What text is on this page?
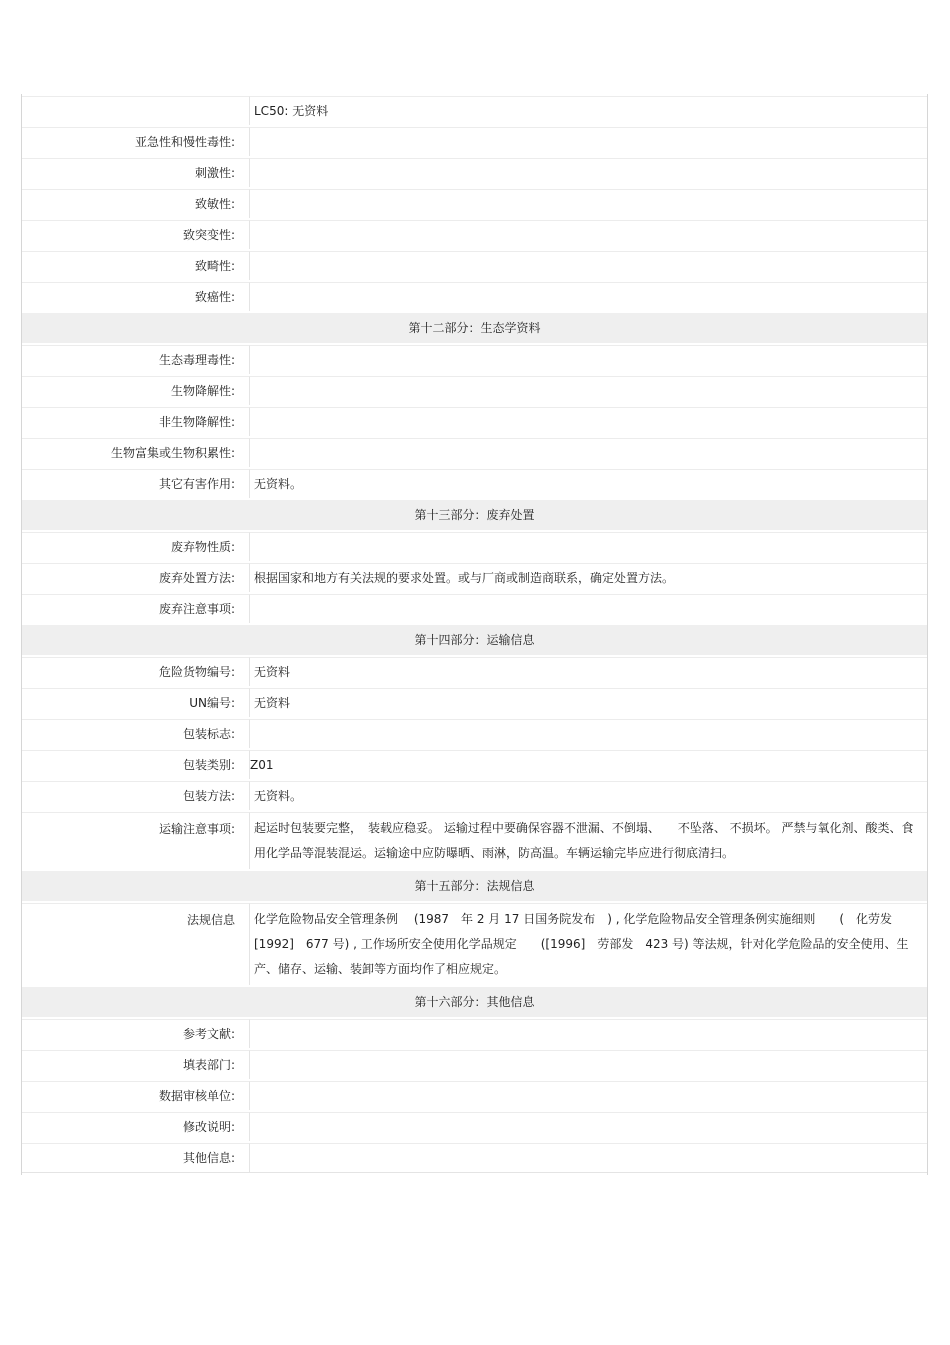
	LC50: 无资料
亚急性和慢性毒性:	
刺激性:	
致敏性:	
致突变性:	
致畸性:	
致癌性:	
第十二部分：生态学资料	
生态毒理毒性:	
生物降解性:	
非生物降解性:	
生物富集或生物积累性:	
其它有害作用:	无资料。
第十三部分：废弃处置	
废弃物性质:	
废弃处置方法:	根据国家和地方有关法规的要求处置。或与厂商或制造商联系，确定处置方法。
废弃注意事项:	
第十四部分：运输信息	
危险货物编号:	无资料
UN编号:	无资料
包装标志:	
包装类别:	Z01
包装方法:	无资料。
运输注意事项:	起运时包装要完整，　装载应稳妥。 运输过程中要确保容器不泄漏、不倒塌、　　不坠落、 不损坏。 严禁与氧化剂、酸类、食用化学品等混装混运。运输途中应防曝晒、雨淋，防高温。车辆运输完毕应进行彻底清扫。
第十五部分：法规信息	
法规信息	化学危险物品安全管理条例　 (1987　年 2 月 17 日国务院发布　) , 化学危险物品安全管理条例实施细则　　(　化劳发 [1992]　677 号) , 工作场所安全使用化学品规定　　([1996]　劳部发　423 号) 等法规，针对化学危险品的安全使用、生产、储存、运输、装卸等方面均作了相应规定。
第十六部分：其他信息	
参考文献:	
填表部门:	
数据审核单位:	
修改说明:	
其他信息:	
